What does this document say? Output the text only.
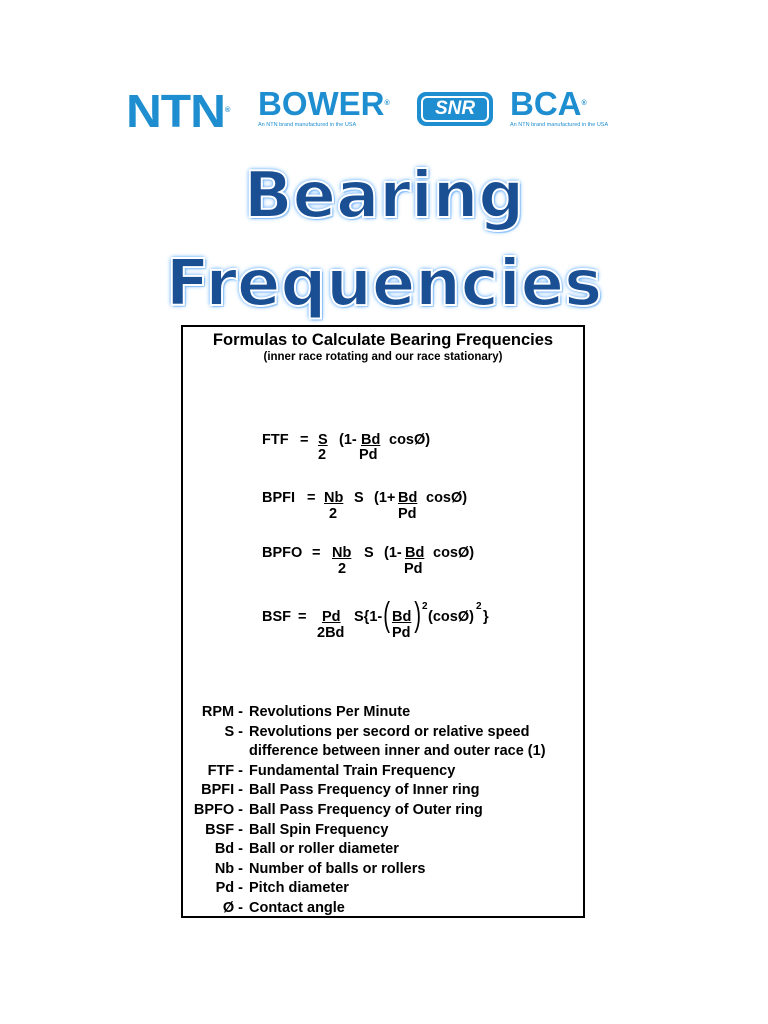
NTN® BOWER®
An NTN brand manufactured in the USA
SNR	BCA®
An NTN brand manufactured in the USA
Bearing
Frequencies
Formulas to Calculate Bearing Frequencies
(inner race rotating and our race stationary)
FTF = S
2
(1- Bd
Pd
cosØ)
BPFI = Nb
2
S (1+ Bd
Pd
cosØ)
BPFO = Nb
2
S (1- Bd
Pd
cosØ)
BSF = Pd
2Bd
S{1- ( Bd
Pd ) 2
(cosØ)
2
}
RPM - Revolutions Per Minute
S - Revolutions per secord or relative speed
difference between inner and outer race (1)
FTF - Fundamental Train Frequency
BPFI - Ball Pass Frequency of Inner ring
BPFO - Ball Pass Frequency of Outer ring
BSF - Ball Spin Frequency
Bd - Ball or roller diameter
Nb - Number of balls or rollers
Pd - Pitch diameter
Ø - Contact angle
